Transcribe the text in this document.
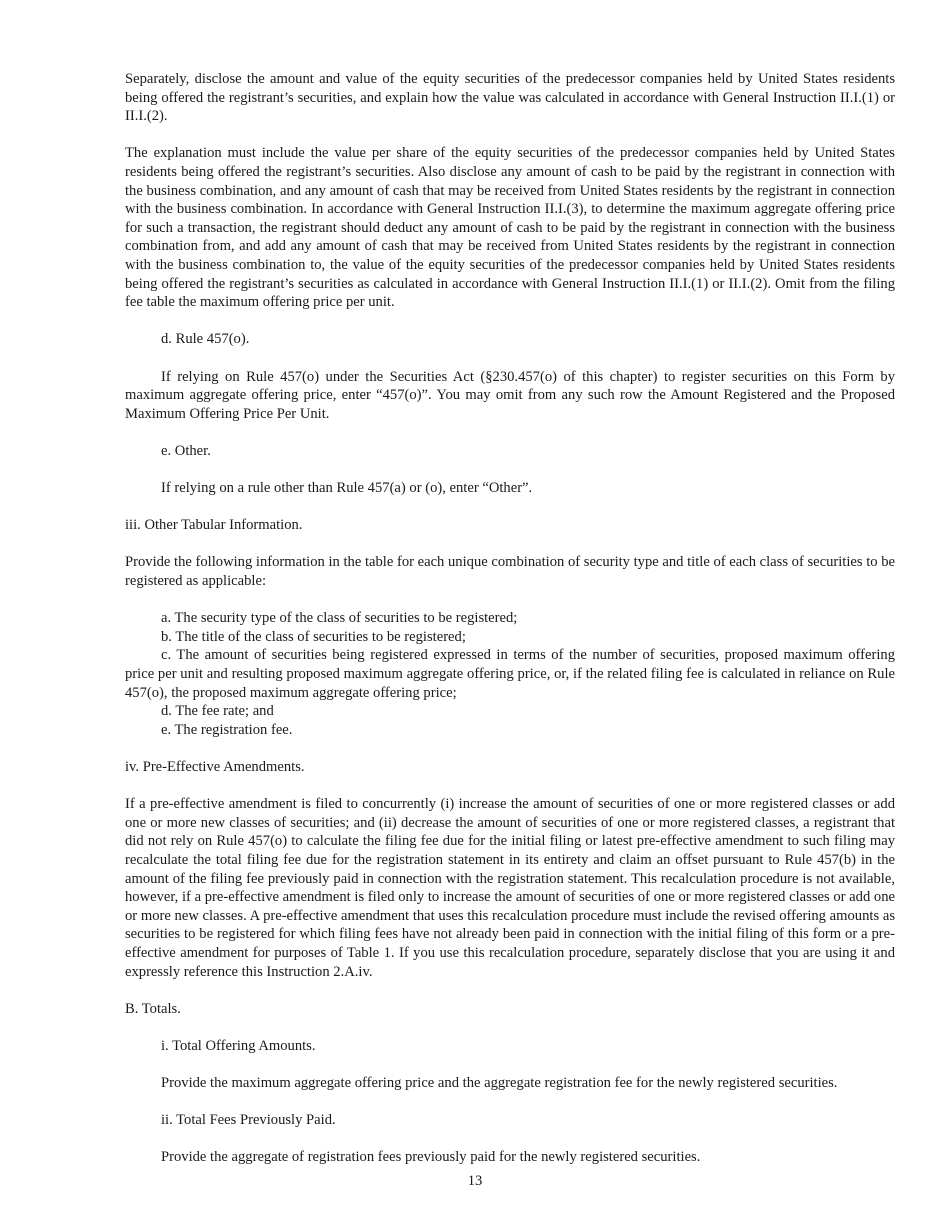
Separately, disclose the amount and value of the equity securities of the predecessor companies held by United States residents being offered the registrant’s securities, and explain how the value was calculated in accordance with General Instruction II.I.(1) or II.I.(2).

The explanation must include the value per share of the equity securities of the predecessor companies held by United States residents being offered the registrant’s securities. Also disclose any amount of cash to be paid by the registrant in connection with the business combination, and any amount of cash that may be received from United States residents by the registrant in connection with the business combination. In accordance with General Instruction II.I.(3), to determine the maximum aggregate offering price for such a transaction, the registrant should deduct any amount of cash to be paid by the registrant in connection with the business combination from, and add any amount of cash that may be received from United States residents by the registrant in connection with the business combination to, the value of the equity securities of the predecessor companies held by United States residents being offered the registrant’s securities as calculated in accordance with General Instruction II.I.(1) or II.I.(2). Omit from the filing fee table the maximum offering price per unit.

d. Rule 457(o).

If relying on Rule 457(o) under the Securities Act (§230.457(o) of this chapter) to register securities on this Form by maximum aggregate offering price, enter “457(o)”. You may omit from any such row the Amount Registered and the Proposed Maximum Offering Price Per Unit.

e. Other.

If relying on a rule other than Rule 457(a) or (o), enter “Other”.

iii. Other Tabular Information.

Provide the following information in the table for each unique combination of security type and title of each class of securities to be registered as applicable:

a. The security type of the class of securities to be registered;

b. The title of the class of securities to be registered;

c. The amount of securities being registered expressed in terms of the number of securities, proposed maximum offering price per unit and resulting proposed maximum aggregate offering price, or, if the related filing fee is calculated in reliance on Rule 457(o), the proposed maximum aggregate offering price;

d. The fee rate; and

e. The registration fee.

iv. Pre-Effective Amendments.

If a pre-effective amendment is filed to concurrently (i) increase the amount of securities of one or more registered classes or add one or more new classes of securities; and (ii) decrease the amount of securities of one or more registered classes, a registrant that did not rely on Rule 457(o) to calculate the filing fee due for the initial filing or latest pre-effective amendment to such filing may recalculate the total filing fee due for the registration statement in its entirety and claim an offset pursuant to Rule 457(b) in the amount of the filing fee previously paid in connection with the registration statement. This recalculation procedure is not available, however, if a pre-effective amendment is filed only to increase the amount of securities of one or more registered classes or add one or more new classes. A pre-effective amendment that uses this recalculation procedure must include the revised offering amounts as securities to be registered for which filing fees have not already been paid in connection with the initial filing of this form or a pre-effective amendment for purposes of Table 1. If you use this recalculation procedure, separately disclose that you are using it and expressly reference this Instruction 2.A.iv.

B. Totals.

i. Total Offering Amounts.

Provide the maximum aggregate offering price and the aggregate registration fee for the newly registered securities.

ii. Total Fees Previously Paid.

Provide the aggregate of registration fees previously paid for the newly registered securities.

13
